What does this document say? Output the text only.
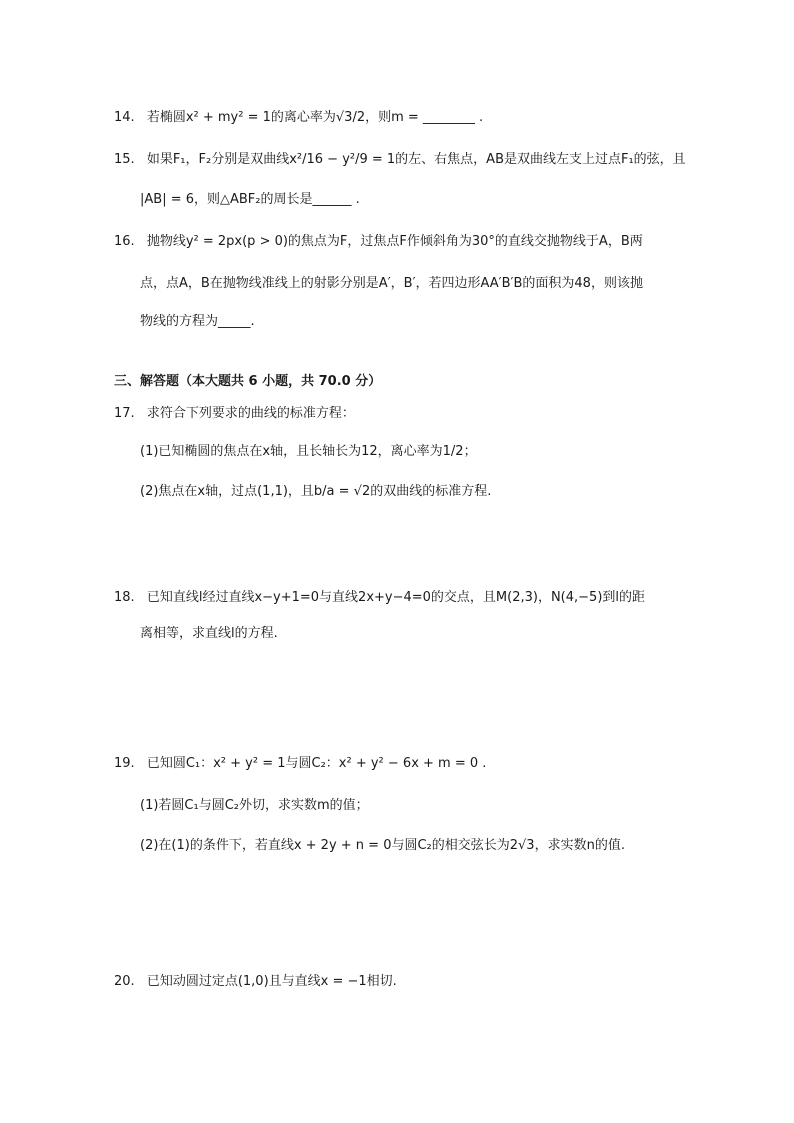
14. 若椭圆x² + my² = 1的离心率为√3/2，则m = ________ .
15. 如果F₁，F₂分别是双曲线x²/16 − y²/9 = 1的左、右焦点，AB是双曲线左支上过点F₁的弦，且
|AB| = 6，则△ABF₂的周长是______ .
16. 抛物线y² = 2px(p > 0)的焦点为F，过焦点F作倾斜角为30°的直线交抛物线于A，B两
点，点A，B在抛物线准线上的射影分别是A′，B′，若四边形AA′B′B的面积为48，则该抛
物线的方程为_____.
三、解答题（本大题共 6 小题，共 70.0 分）
17. 求符合下列要求的曲线的标准方程：
(1)已知椭圆的焦点在x轴，且长轴长为12，离心率为1/2；
(2)焦点在x轴，过点(1,1)，且b/a = √2的双曲线的标准方程.
18. 已知直线l经过直线x−y+1=0与直线2x+y−4=0的交点，且M(2,3)，N(4,−5)到l的距
离相等，求直线l的方程.
19. 已知圆C₁：x² + y² = 1与圆C₂：x² + y² − 6x + m = 0 .
(1)若圆C₁与圆C₂外切，求实数m的值；
(2)在(1)的条件下，若直线x + 2y + n = 0与圆C₂的相交弦长为2√3，求实数n的值.
20. 已知动圆过定点(1,0)且与直线x = −1相切.
